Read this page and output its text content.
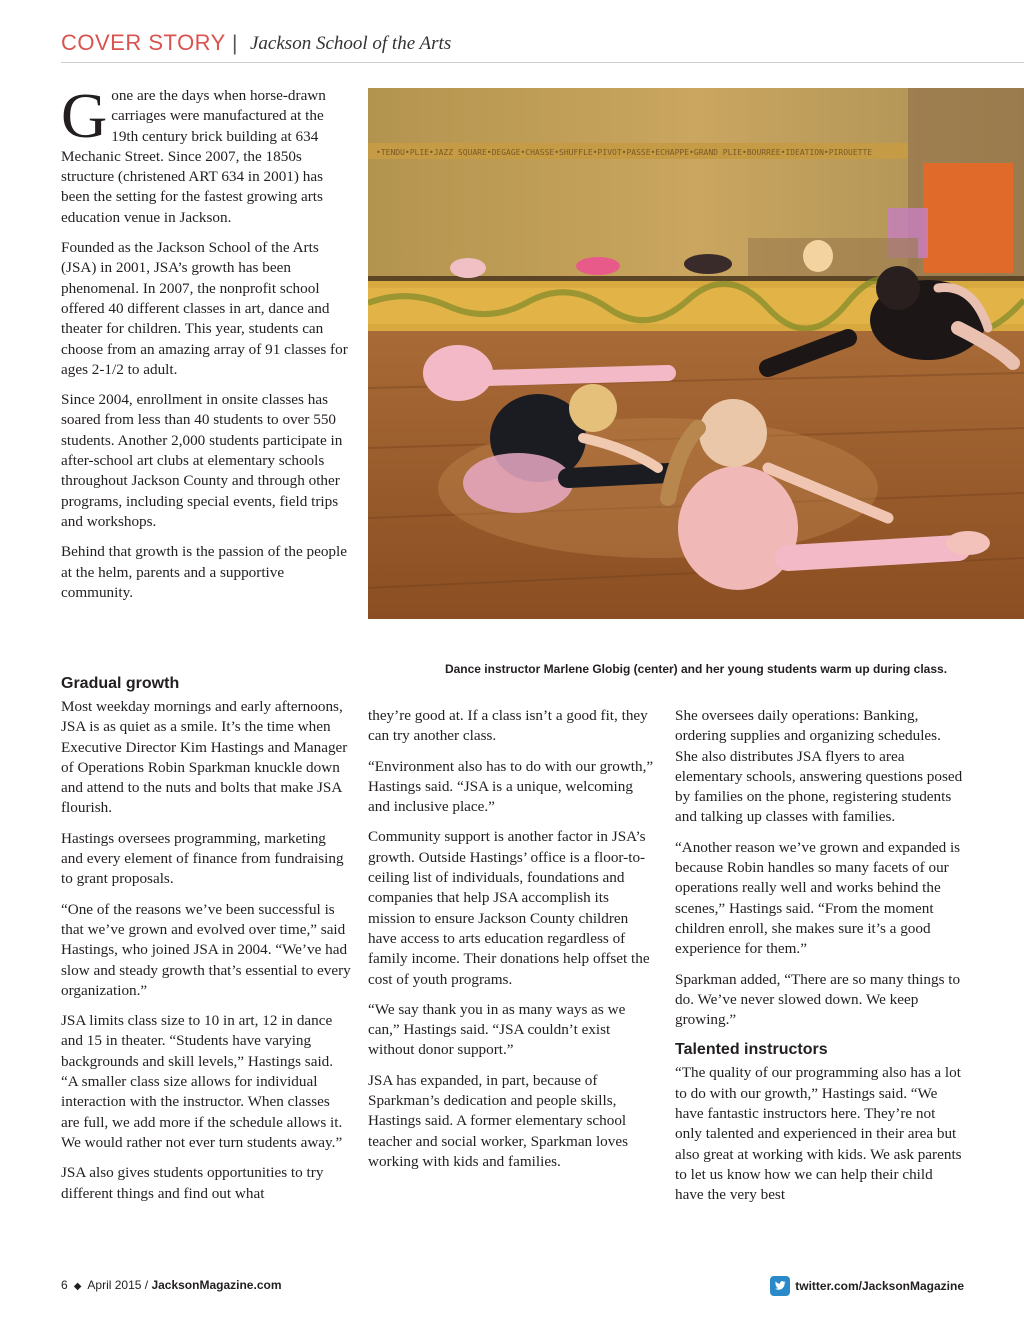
COVER STORY | Jackson School of the Arts

Gone are the days when horse-drawn carriages were manufactured at the 19th century brick building at 634 Mechanic Street. Since 2007, the 1850s structure (christened ART 634 in 2001) has been the setting for the fastest growing arts education venue in Jackson.

Founded as the Jackson School of the Arts (JSA) in 2001, JSA’s growth has been phenomenal. In 2007, the nonprofit school offered 40 different classes in art, dance and theater for children. This year, students can choose from an amazing array of 91 classes for ages 2-1/2 to adult.

Since 2004, enrollment in onsite classes has soared from less than 40 students to over 550 students. Another 2,000 students participate in after-school art clubs at elementary schools throughout Jackson County and through other programs, including special events, field trips and workshops.

Behind that growth is the passion of the people at the helm, parents and a supportive community.

•TENDU•PLIE•JAZZ SQUARE•DEGAGE•CHASSE•SHUFFLE•PIVOT•PASSE•ECHAPPE•GRAND PLIE•BOURREE•IDEATION•PIROUETTE
Dance instructor Marlene Globig (center) and her young students warm up during class.
Gradual growth

Most weekday mornings and early afternoons, JSA is as quiet as a smile. It’s the time when Executive Director Kim Hastings and Manager of Operations Robin Sparkman knuckle down and attend to the nuts and bolts that make JSA flourish.

Hastings oversees programming, marketing and every element of finance from fundraising to grant proposals.

“One of the reasons we’ve been successful is that we’ve grown and evolved over time,” said Hastings, who joined JSA in 2004. “We’ve had slow and steady growth that’s essential to every organization.”

JSA limits class size to 10 in art, 12 in dance and 15 in theater. “Students have varying backgrounds and skill levels,” Hastings said. “A smaller class size allows for individual interaction with the instructor. When classes are full, we add more if the schedule allows it. We would rather not ever turn students away.”

JSA also gives students opportunities to try different things and find out what

they’re good at. If a class isn’t a good fit, they can try another class.

“Environment also has to do with our growth,” Hastings said. “JSA is a unique, welcoming and inclusive place.”

Community support is another factor in JSA’s growth. Outside Hastings’ office is a floor-to-ceiling list of individuals, foundations and companies that help JSA accomplish its mission to ensure Jackson County children have access to arts education regardless of family income. Their donations help offset the cost of youth programs.

“We say thank you in as many ways as we can,” Hastings said. “JSA couldn’t exist without donor support.”

JSA has expanded, in part, because of Sparkman’s dedication and people skills, Hastings said. A former elementary school teacher and social worker, Sparkman loves working with kids and families.

She oversees daily operations: Banking, ordering supplies and organizing schedules. She also distributes JSA flyers to area elementary schools, answering questions posed by families on the phone, registering students and talking up classes with families.

“Another reason we’ve grown and expanded is because Robin handles so many facets of our operations really well and works behind the scenes,” Hastings said. “From the moment children enroll, she makes sure it’s a good experience for them.”

Sparkman added, “There are so many things to do. We’ve never slowed down. We keep growing.”

Talented instructors

“The quality of our programming also has a lot to do with our growth,” Hastings said. “We have fantastic instructors here. They’re not only talented and experienced in their area but also great at working with kids. We ask parents to let us know how we can help their child have the very best

6 ◆ April 2015 / JacksonMagazine.com	twitter.com/JacksonMagazine
